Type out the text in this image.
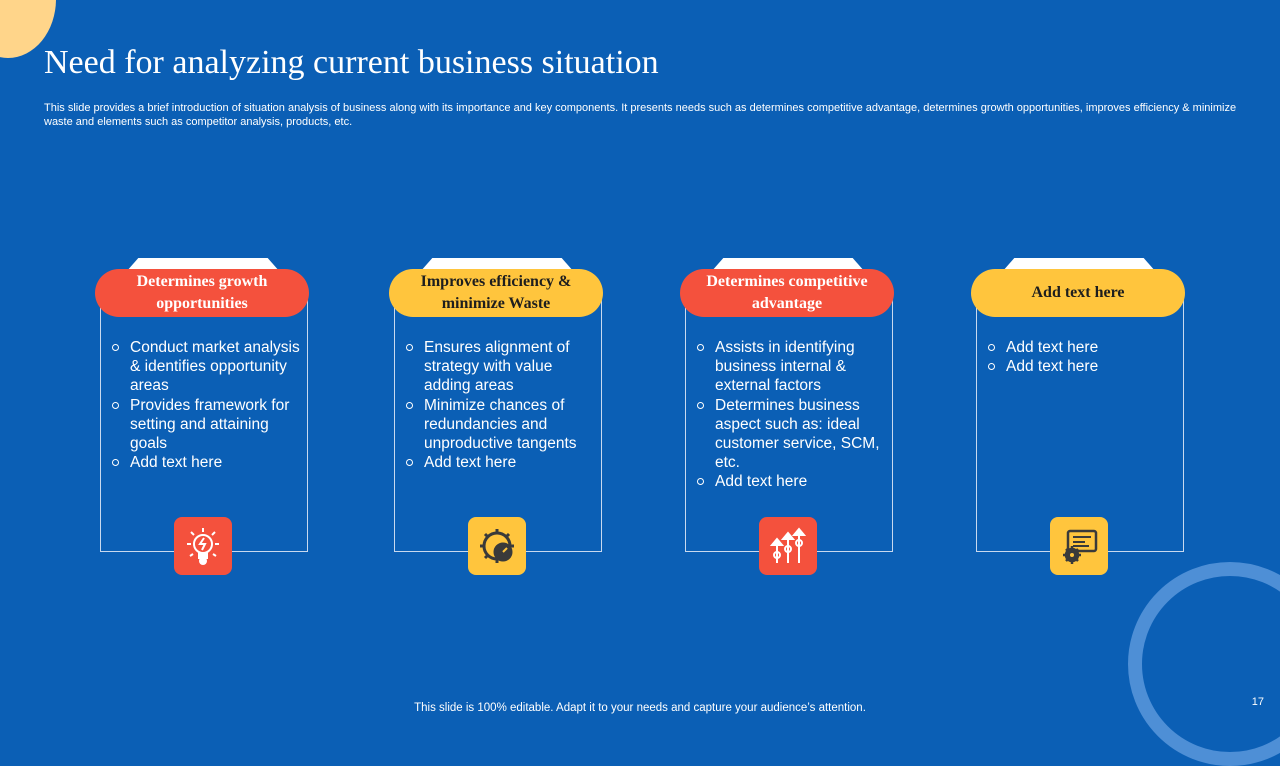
Need for analyzing current business situation
This slide provides a brief introduction of situation analysis of business along with its importance and key components. It presents needs such as determines competitive advantage, determines growth opportunities, improves efficiency & minimize waste and elements such as competitor analysis, products, etc.
Determines growth opportunities
Conduct market analysis & identifies opportunity areas
Provides framework for setting and attaining goals
Add text here
Improves efficiency & minimize Waste
Ensures alignment of strategy with value adding areas
Minimize chances of redundancies and unproductive tangents
Add text here
Determines competitive advantage
Assists in identifying business internal & external factors
Determines business aspect such as: ideal customer service, SCM, etc.
Add text here
Add text here
Add text here
Add text here
This slide is 100% editable. Adapt it to your needs and capture your audience’s attention.	17
